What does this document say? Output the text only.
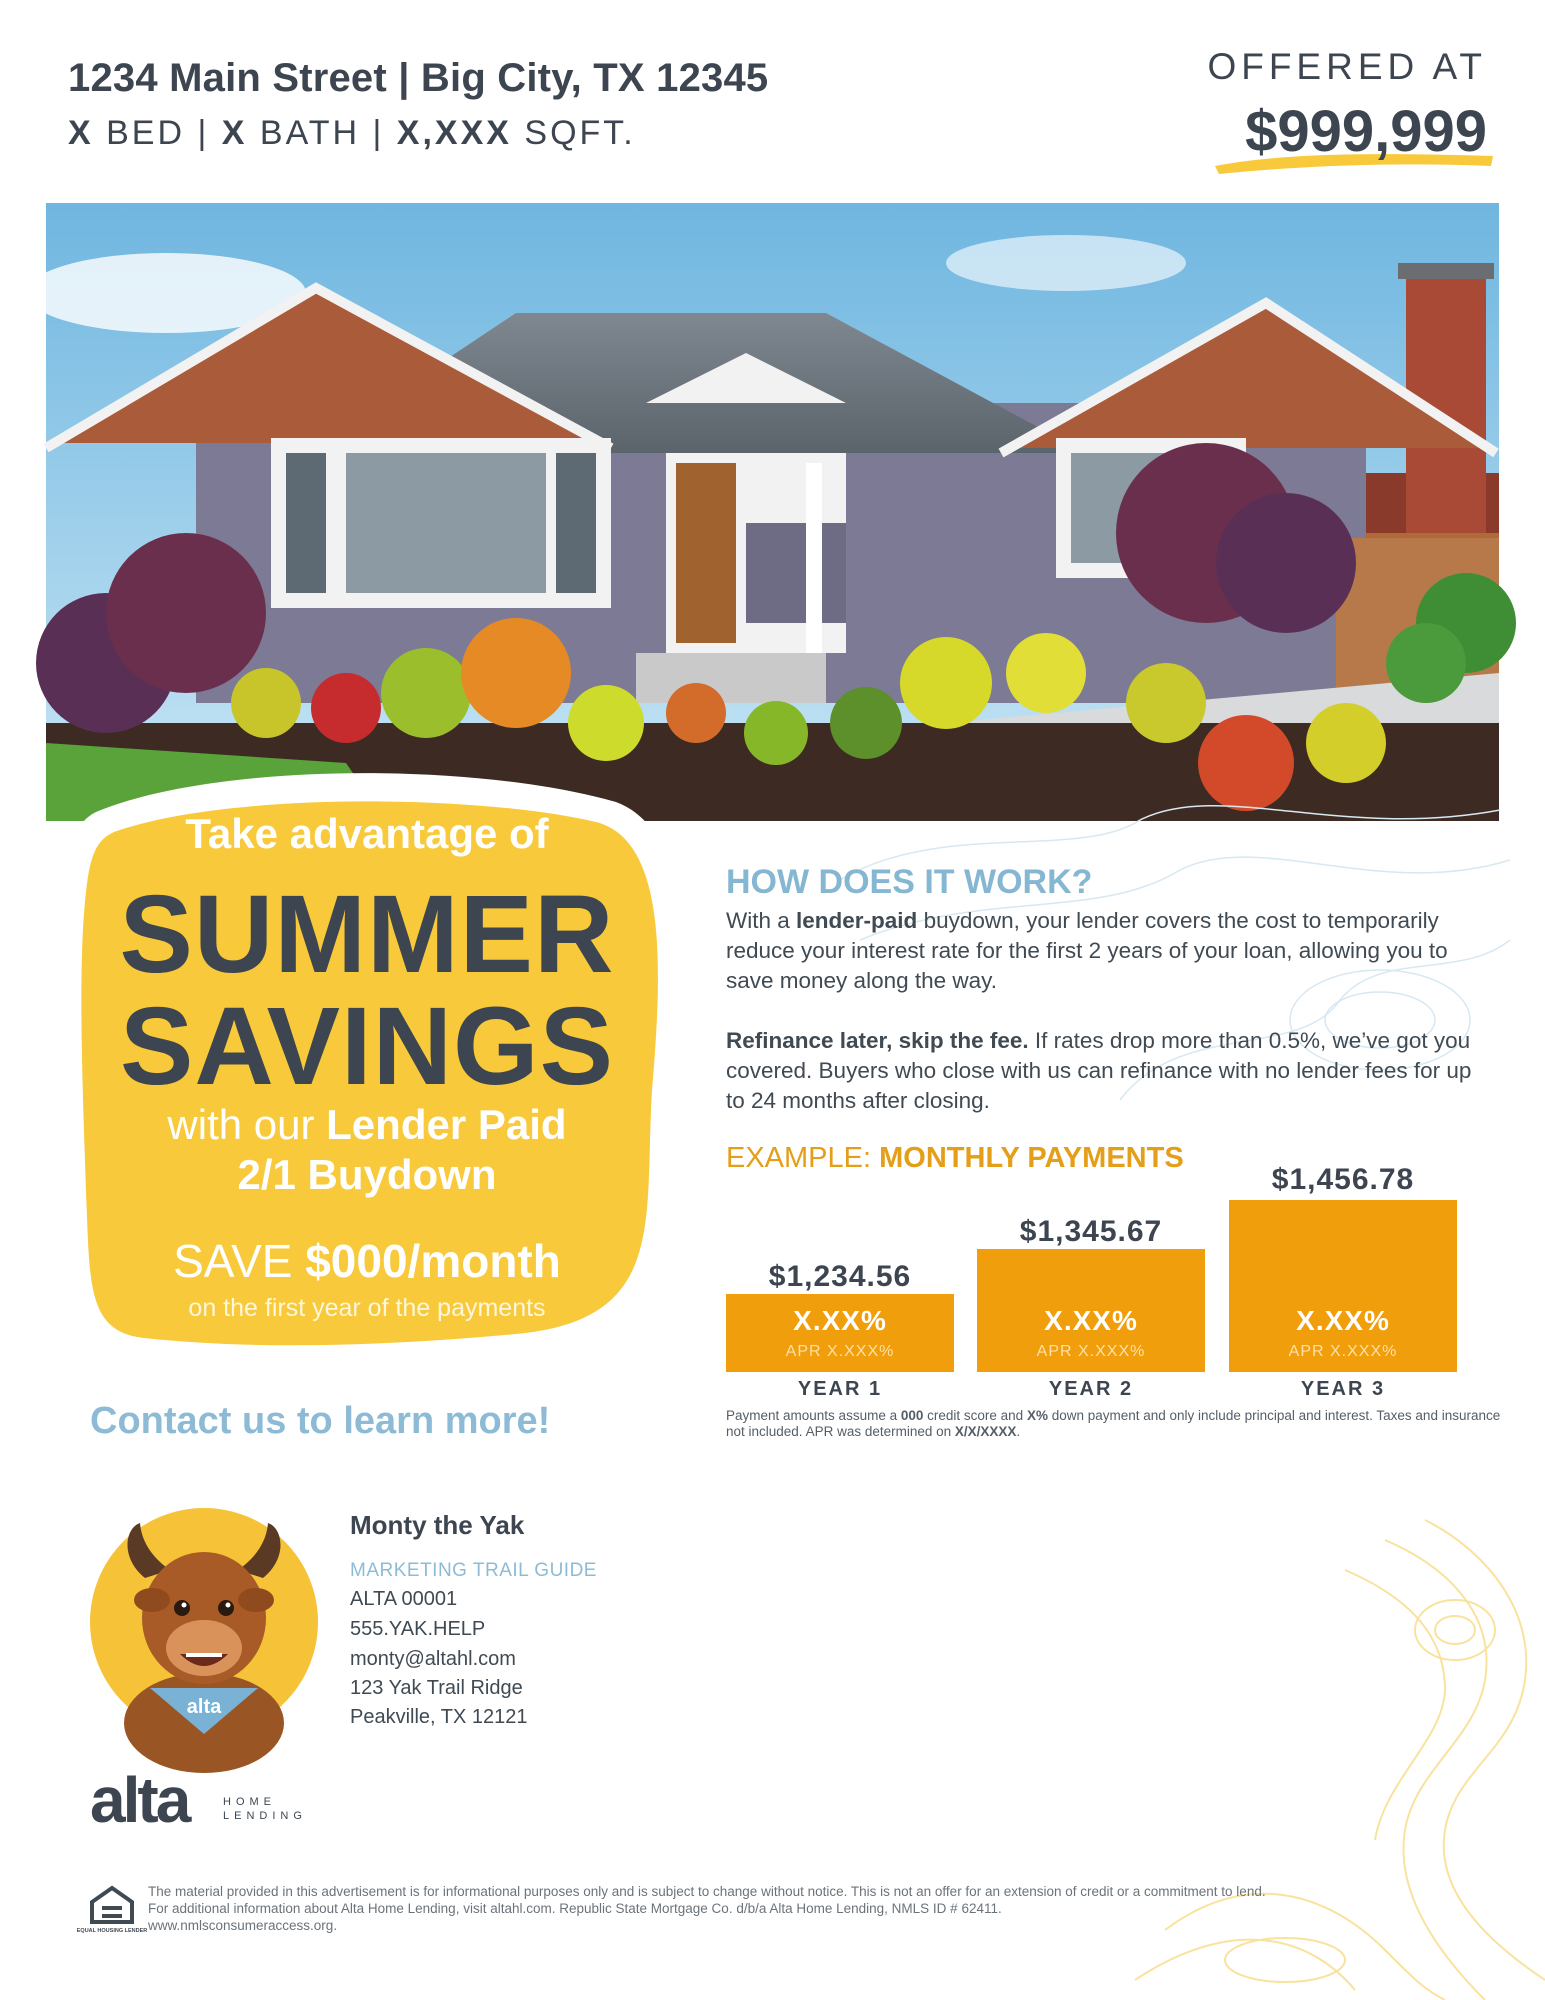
1234 Main Street | Big City, TX 12345
X BED | X BATH | X,XXX SQFT.
OFFERED AT
$999,999
Take advantage of
SUMMER
SAVINGS
with our Lender Paid
2/1 Buydown
SAVE $000/month
on the first year of the payments
Contact us to learn more!
HOW DOES IT WORK?
With a lender-paid buydown, your lender covers the cost to temporarily reduce your interest rate for the first 2 years of your loan, allowing you to save money along the way.
Refinance later, skip the fee. If rates drop more than 0.5%, we’ve got you covered. Buyers who close with us can refinance with no lender fees for up to 24 months after closing.
EXAMPLE: MONTHLY PAYMENTS
$1,234.56
X.XX%
APR X.XXX%
YEAR 1
$1,345.67
X.XX%
APR X.XXX%
YEAR 2
$1,456.78
X.XX%
APR X.XXX%
YEAR 3
Payment amounts assume a 000 credit score and X% down payment and only include principal and interest. Taxes and insurance not included. APR was determined on X/X/XXXX.
alta
Monty the Yak
MARKETING TRAIL GUIDE
ALTA 00001
555.YAK.HELP
monty@altahl.com
123 Yak Trail Ridge
Peakville, TX 12121
alta	HOME
LENDING
EQUAL HOUSING LENDER
The material provided in this advertisement is for informational purposes only and is subject to change without notice. This is not an offer for an extension of credit or a commitment to lend.
For additional information about Alta Home Lending, visit altahl.com. Republic State Mortgage Co. d/b/a Alta Home Lending, NMLS ID # 62411.
www.nmlsconsumeraccess.org.
